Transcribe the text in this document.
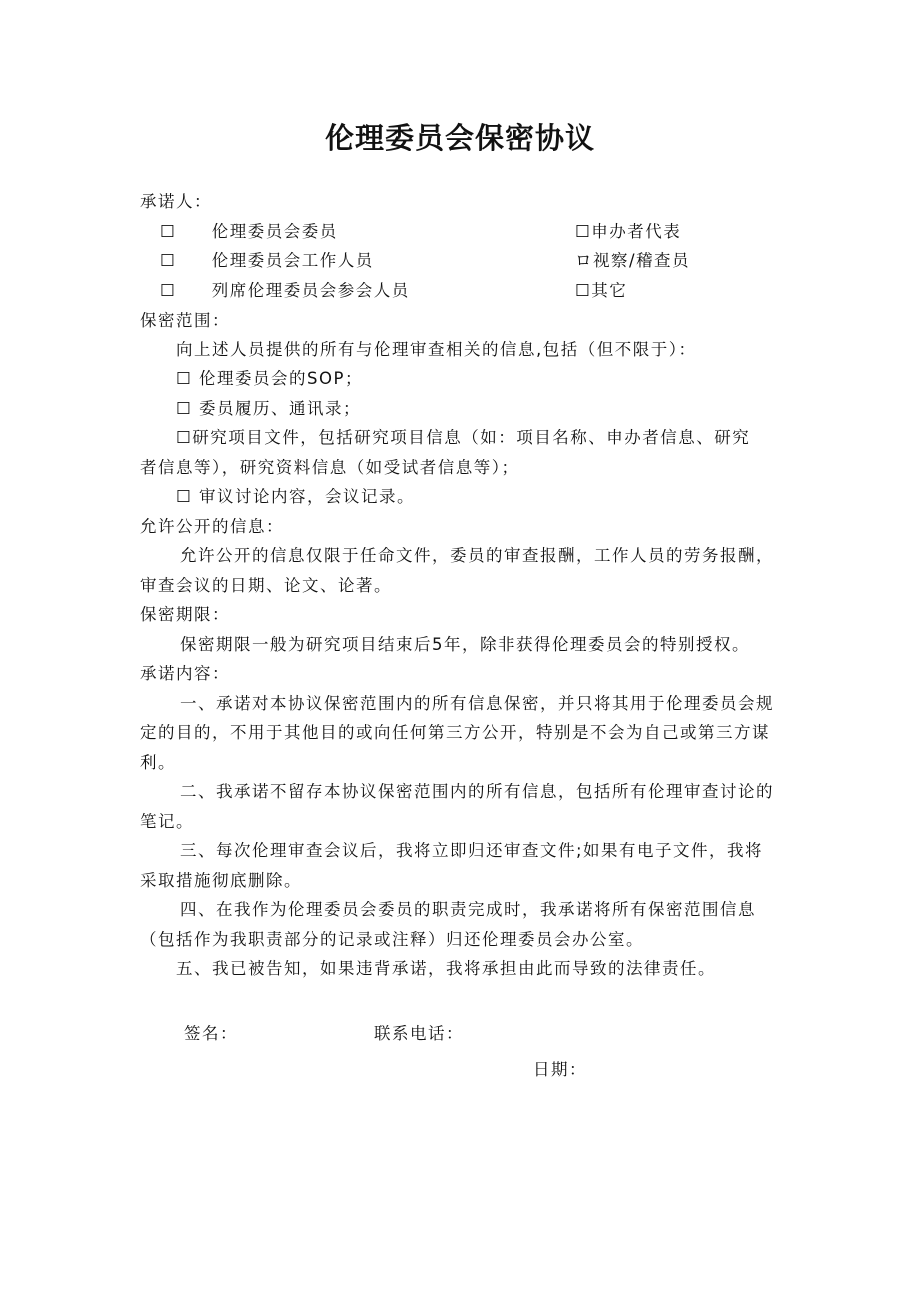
伦理委员会保密协议
承诺人：
☐ 伦理委员会委员
☐ 伦理委员会工作人员
☐ 列席伦理委员会参会人员
☐申办者代表
ロ视察/稽查员
☐其它
保密范围：
向上述人员提供的所有与伦理审查相关的信息,包括（但不限于）：
☐ 伦理委员会的SOP；
☐ 委员履历、通讯录；
☐研究项目文件，包括研究项目信息（如：项目名称、申办者信息、研究
者信息等），研究资料信息（如受试者信息等）；
☐ 审议讨论内容，会议记录。
允许公开的信息：
允许公开的信息仅限于任命文件，委员的审查报酬，工作人员的劳务报酬，
审查会议的日期、论文、论著。
保密期限：
保密期限一般为研究项目结束后5年，除非获得伦理委员会的特别授权。
承诺内容：
一、承诺对本协议保密范围内的所有信息保密，并只将其用于伦理委员会规
定的目的，不用于其他目的或向任何第三方公开，特别是不会为自己或第三方谋
利。
二、我承诺不留存本协议保密范围内的所有信息，包括所有伦理审查讨论的
笔记。
三、每次伦理审查会议后，我将立即归还审查文件;如果有电子文件，我将
采取措施彻底删除。
四、在我作为伦理委员会委员的职责完成时，我承诺将所有保密范围信息
（包括作为我职责部分的记录或注释）归还伦理委员会办公室。
五、我已被告知，如果违背承诺，我将承担由此而导致的法律责任。
签名：	联系电话：
日期：
